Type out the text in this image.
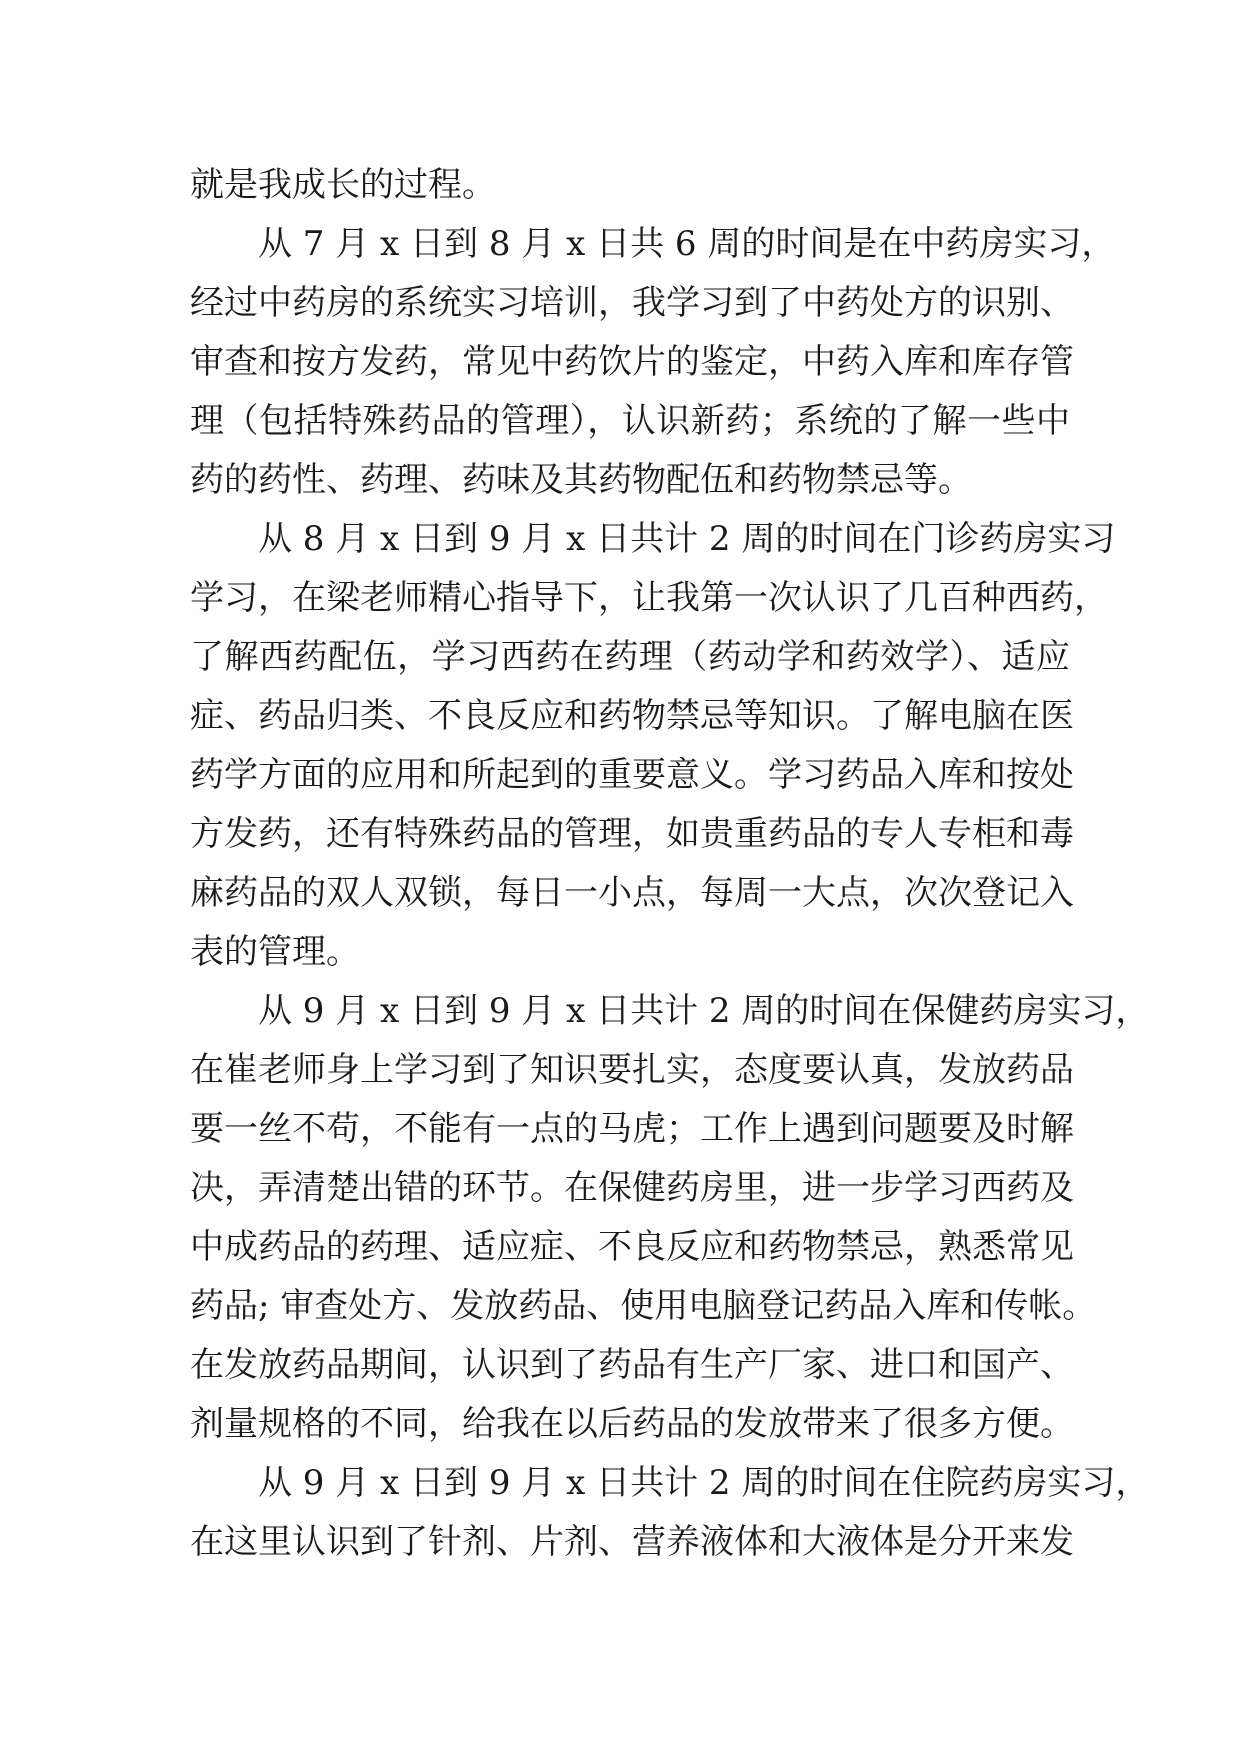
就是我成长的过程。
从 7 月 x 日到 8 月 x 日共 6 周的时间是在中药房实习，
经过中药房的系统实习培训，我学习到了中药处方的识别、
审查和按方发药，常见中药饮片的鉴定，中药入库和库存管
理（包括特殊药品的管理），认识新药；系统的了解一些中
药的药性、药理、药味及其药物配伍和药物禁忌等。
从 8 月 x 日到 9 月 x 日共计 2 周的时间在门诊药房实习
学习，在梁老师精心指导下，让我第一次认识了几百种西药，
了解西药配伍，学习西药在药理（药动学和药效学）、适应
症、药品归类、不良反应和药物禁忌等知识。了解电脑在医
药学方面的应用和所起到的重要意义。学习药品入库和按处
方发药，还有特殊药品的管理，如贵重药品的专人专柜和毒
麻药品的双人双锁，每日一小点，每周一大点，次次登记入
表的管理。
从 9 月 x 日到 9 月 x 日共计 2 周的时间在保健药房实习，
在崔老师身上学习到了知识要扎实，态度要认真，发放药品
要一丝不苟，不能有一点的马虎；工作上遇到问题要及时解
决，弄清楚出错的环节。在保健药房里，进一步学习西药及
中成药品的药理、适应症、不良反应和药物禁忌，熟悉常见
药品; 审查处方、发放药品、使用电脑登记药品入库和传帐。
在发放药品期间，认识到了药品有生产厂家、进口和国产、
剂量规格的不同，给我在以后药品的发放带来了很多方便。
从 9 月 x 日到 9 月 x 日共计 2 周的时间在住院药房实习，
在这里认识到了针剂、片剂、营养液体和大液体是分开来发
